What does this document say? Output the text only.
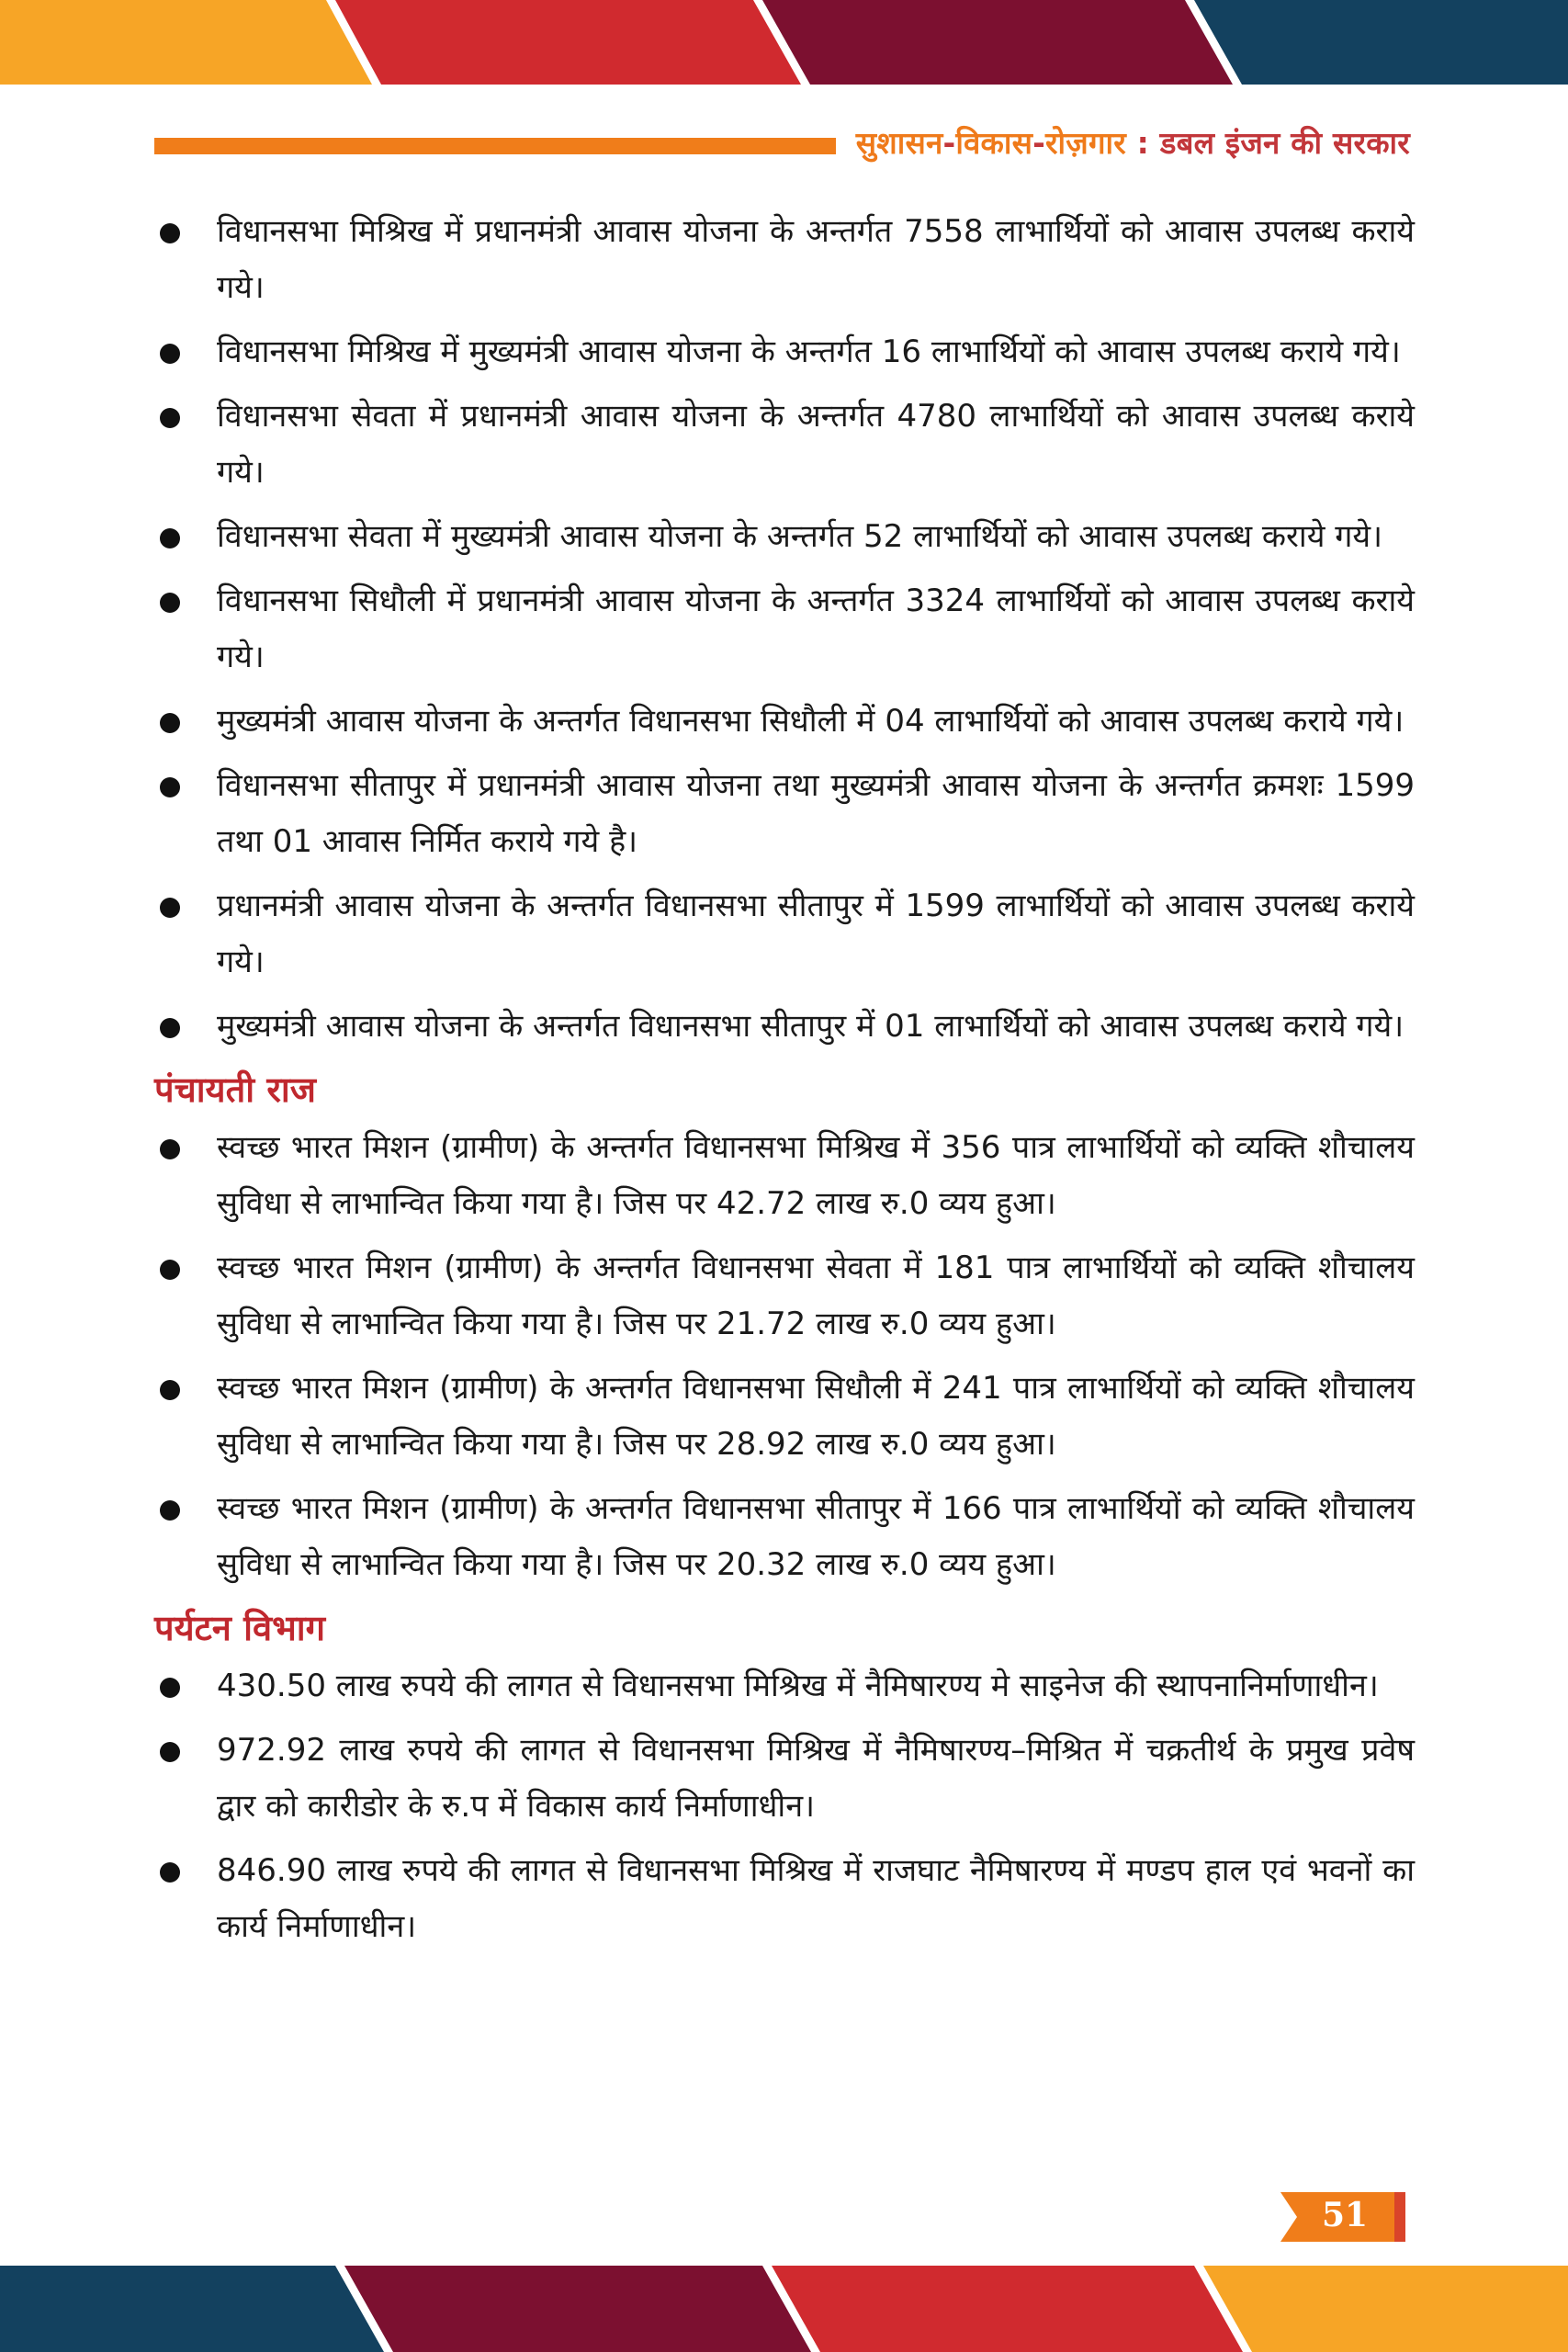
सुशासन-विकास-रोज़गार : डबल इंजन की सरकार
विधानसभा मिश्रिख में प्रधानमंत्री आवास योजना के अन्तर्गत 7558 लाभार्थियों को आवास उपलब्ध कराये गये।
विधानसभा मिश्रिख में मुख्यमंत्री आवास योजना के अन्तर्गत 16 लाभार्थियों को आवास उपलब्ध कराये गये।
विधानसभा सेवता में प्रधानमंत्री आवास योजना के अन्तर्गत 4780 लाभार्थियों को आवास उपलब्ध कराये गये।
विधानसभा सेवता में मुख्यमंत्री आवास योजना के अन्तर्गत 52 लाभार्थियों को आवास उपलब्ध कराये गये।
विधानसभा सिधौली में प्रधानमंत्री आवास योजना के अन्तर्गत 3324 लाभार्थियों को आवास उपलब्ध कराये गये।
मुख्यमंत्री आवास योजना के अन्तर्गत विधानसभा सिधौली में 04 लाभार्थियों को आवास उपलब्ध कराये गये।
विधानसभा सीतापुर में प्रधानमंत्री आवास योजना तथा मुख्यमंत्री आवास योजना के अन्तर्गत क्रमशः 1599 तथा 01 आवास निर्मित कराये गये है।
प्रधानमंत्री आवास योजना के अन्तर्गत विधानसभा सीतापुर में 1599 लाभार्थियों को आवास उपलब्ध कराये गये।
मुख्यमंत्री आवास योजना के अन्तर्गत विधानसभा सीतापुर में 01 लाभार्थियों को आवास उपलब्ध कराये गये।
पंचायती राज
स्वच्छ भारत मिशन (ग्रामीण) के अन्तर्गत विधानसभा मिश्रिख में 356 पात्र लाभार्थियों को व्यक्ति शौचालय सुविधा से लाभान्वित किया गया है। जिस पर 42.72 लाख रु.0 व्यय हुआ।
स्वच्छ भारत मिशन (ग्रामीण) के अन्तर्गत विधानसभा सेवता में 181 पात्र लाभार्थियों को व्यक्ति शौचालय सुविधा से लाभान्वित किया गया है। जिस पर 21.72 लाख रु.0 व्यय हुआ।
स्वच्छ भारत मिशन (ग्रामीण) के अन्तर्गत विधानसभा सिधौली में 241 पात्र लाभार्थियों को व्यक्ति शौचालय सुविधा से लाभान्वित किया गया है। जिस पर 28.92 लाख रु.0 व्यय हुआ।
स्वच्छ भारत मिशन (ग्रामीण) के अन्तर्गत विधानसभा सीतापुर में 166 पात्र लाभार्थियों को व्यक्ति शौचालय सुविधा से लाभान्वित किया गया है। जिस पर 20.32 लाख रु.0 व्यय हुआ।
पर्यटन विभाग
430.50 लाख रुपये की लागत से विधानसभा मिश्रिख में नैमिषारण्य मे साइनेज की स्थापनानिर्माणाधीन।
972.92 लाख रुपये की लागत से विधानसभा मिश्रिख में नैमिषारण्य–मिश्रित में चक्रतीर्थ के प्रमुख प्रवेष द्वार को कारीडोर के रु.प में विकास कार्य निर्माणाधीन।
846.90 लाख रुपये की लागत से विधानसभा मिश्रिख में राजघाट नैमिषारण्य में मण्डप हाल एवं भवनों का कार्य निर्माणाधीन।
51
